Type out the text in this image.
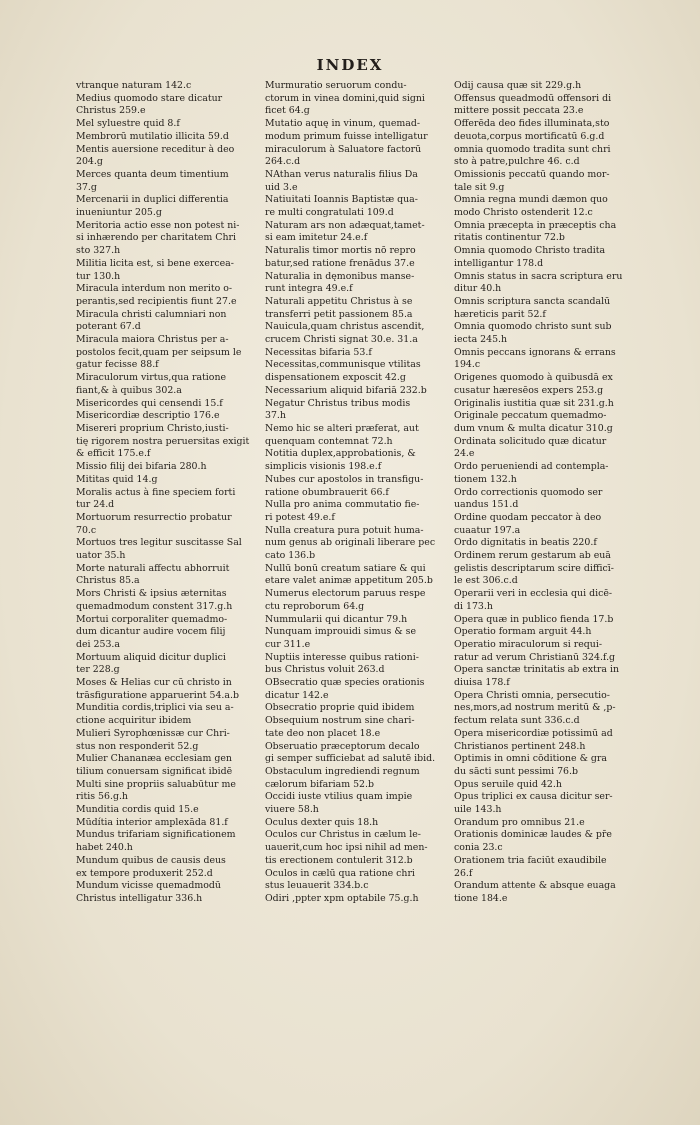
INDEX
vtranque naturam 142.c
Medius quomodo stare dicatur
Christus 259.e
Mel syluestre quid 8.f
Membrorū mutilatio illicita 59.d
Mentis auersione receditur à deo
204.g
Merces quanta deum timentium
37.g
Mercenarii in duplici differentia
inueniuntur 205.g
Meritoria actio esse non potest ni-
si inhærendo per charitatem Chri
sto 327.h
Militia licita est, si bene exercea-
tur 130.h
Miracula interdum non merito o-
perantis,sed recipientis fiunt 27.e
Miracula christi calumniari non
poterant 67.d
Miracula maiora Christus per a-
postolos fecit,quam per seipsum le
gatur fecisse 88.f
Miraculorum virtus,qua ratione
fiant,& à quibus 302.a
Misericordes qui censendi 15.f
Misericordiæ descriptio 176.e
Misereri proprium Christo,iusti-
tię rigorem nostra peruersitas exigit
& efficit 175.e.f
Missio filij dei bifaria 280.h
Mititas quid 14.g
Moralis actus à fine speciem forti
tur 24.d
Mortuorum resurrectio probatur
70.c
Mortuos tres legitur suscitasse Sal
uator 35.h
Morte naturali affectu abhorruit
Christus 85.a
Mors Christi & ipsius æternitas
quemadmodum constent 317.g.h
Mortui corporaliter quemadmo-
dum dicantur audire vocem filij
dei 253.a
Mortuum aliquid dicitur duplici
ter 228.g
Moses & Helias cur cū christo in
trāsfiguratione apparuerint 54.a.b
Munditia cordis,triplici via seu a-
ctione acquiritur ibidem
Mulieri Syrophœnissæ cur Chri-
stus non responderit 52.g
Mulier Chananæa ecclesiam gen
tilium conuersam significat ibidē
Multi sine propriis saluabūtur me
ritis 56.g.h
Munditia cordis quid 15.e
Mūdítia interior amplexāda 81.f
Mundus trifariam significationem
habet 240.h
Mundum quibus de causis deus
ex tempore produxerit 252.d
Mundum vicisse quemadmodū
Christus intelligatur 336.h
Murmuratio seruorum condu-
ctorum in vinea domini,quid signi
ficet 64.g
Mutatio aquę in vinum, quemad-
modum primum fuisse intelligatur
miraculorum à Saluatore factorū
264.c.d
NAthan verus naturalis filius Da
uid 3.e
Natiuitati Ioannis Baptistæ qua-
re multi congratulati 109.d
Naturam ars non adæquat,tamet-
si eam imitetur 24.e.f
Naturalis timor mortis nō repro
batur,sed ratione frenādus 37.e
Naturalia in dęmonibus manse-
runt integra 49.e.f
Naturali appetitu Christus à se
transferri petit passionem 85.a
Nauicula,quam christus ascendit,
crucem Christi signat 30.e. 31.a
Necessitas bifaria 53.f
Necessitas,communisque vtilitas
dispensationem exposcit 42.g
Necessarium aliquid bifariā 232.b
Negatur Christus tribus modis
37.h
Nemo hic se alteri præferat, aut
quenquam contemnat 72.h
Notitia duplex,approbationis, &
simplicis visionis 198.e.f
Nubes cur apostolos in transfigu-
ratione obumbrauerit 66.f
Nulla pro anima commutatio fie-
ri potest 49.e.f
Nulla creatura pura potuit huma-
num genus ab originali liberare pec
cato 136.b
Nullū bonū creatum satiare & qui
etare valet animæ appetitum 205.b
Numerus electorum paruus respe
ctu reproborum 64.g
Nummularii qui dicantur 79.h
Nunquam improuidi simus & se
cur 311.e
Nuptiis interesse quibus rationi-
bus Christus voluit 263.d
OBsecratio quæ species orationis
dicatur 142.e
Obsecratio proprie quid ibidem
Obsequium nostrum sine chari-
tate deo non placet 18.e
Obseruatio præceptorum decalo
gi semper sufficiebat ad salutē ibid.
Obstaculum ingrediendi regnum
cælorum bifariam 52.b
Occidi iuste vtilius quam impie
viuere 58.h
Oculus dexter quis 18.h
Oculos cur Christus in cælum le-
uauerit,cum hoc ipsi nihil ad men-
tis erectionem contulerit 312.b
Oculos in cælū qua ratione chri
stus leuauerit 334.b.c
Odiri ,ppter xpm optabile 75.g.h
Odij causa quæ sit 229.g.h
Offensus queadmodū offensori di
mittere possit peccata 23.e
Offerēda deo fides illuminata,sto
deuota,corpus mortificatū 6.g.d
omnia quomodo tradita sunt chri
sto à patre,pulchre 46. c.d
Omissionis peccatū quando mor-
tale sit 9.g
Omnia regna mundi dæmon quo
modo Christo ostenderit 12.c
Omnia præcepta in præceptis cha
ritatis continentur 72.b
Omnia quomodo Christo tradita
intelligantur 178.d
Omnis status in sacra scriptura eru
ditur 40.h
Omnis scriptura sancta scandalū
hæreticis parit 52.f
Omnia quomodo christo sunt sub
iecta 245.h
Omnis peccans ignorans & errans
194.c
Origenes quomodo à quibusdā ex
cusatur hæresēos expers 253.g
Originalis iustitia quæ sit 231.g.h
Originale peccatum quemadmo-
dum vnum & multa dicatur 310.g
Ordinata solicitudo quæ dicatur
24.e
Ordo perueniendi ad contempla-
tionem 132.h
Ordo correctionis quomodo ser
uandus 151.d
Ordine quodam peccator à deo
cuaatur 197.a
Ordo dignitatis in beatis 220.f
Ordinem rerum gestarum ab euā
gelistis descriptarum scire difficī-
le est 306.c.d
Operarii veri in ecclesia qui dicē-
di 173.h
Opera quæ in publico fienda 17.b
Operatio formam arguit 44.h
Operatio miraculorum si requi-
ratur ad verum Christianū 324.f.g
Opera sanctæ trinitatis ab extra in
diuisa 178.f
Opera Christi omnia, persecutio-
nes,mors,ad nostrum meritū & ,p-
fectum relata sunt 336.c.d
Opera misericordiæ potissimū ad
Christianos pertinent 248.h
Optimis in omni cōditione & gra
du sācti sunt pessimi 76.b
Opus seruile quid 42.h
Opus triplici ex causa dicitur ser-
uile 143.h
Orandum pro omnibus 21.e
Orationis dominicæ laudes & pr̄e
conia 23.c
Orationem tria faciūt exaudibile
26.f
Orandum attente & absque euaga
tione 184.e
